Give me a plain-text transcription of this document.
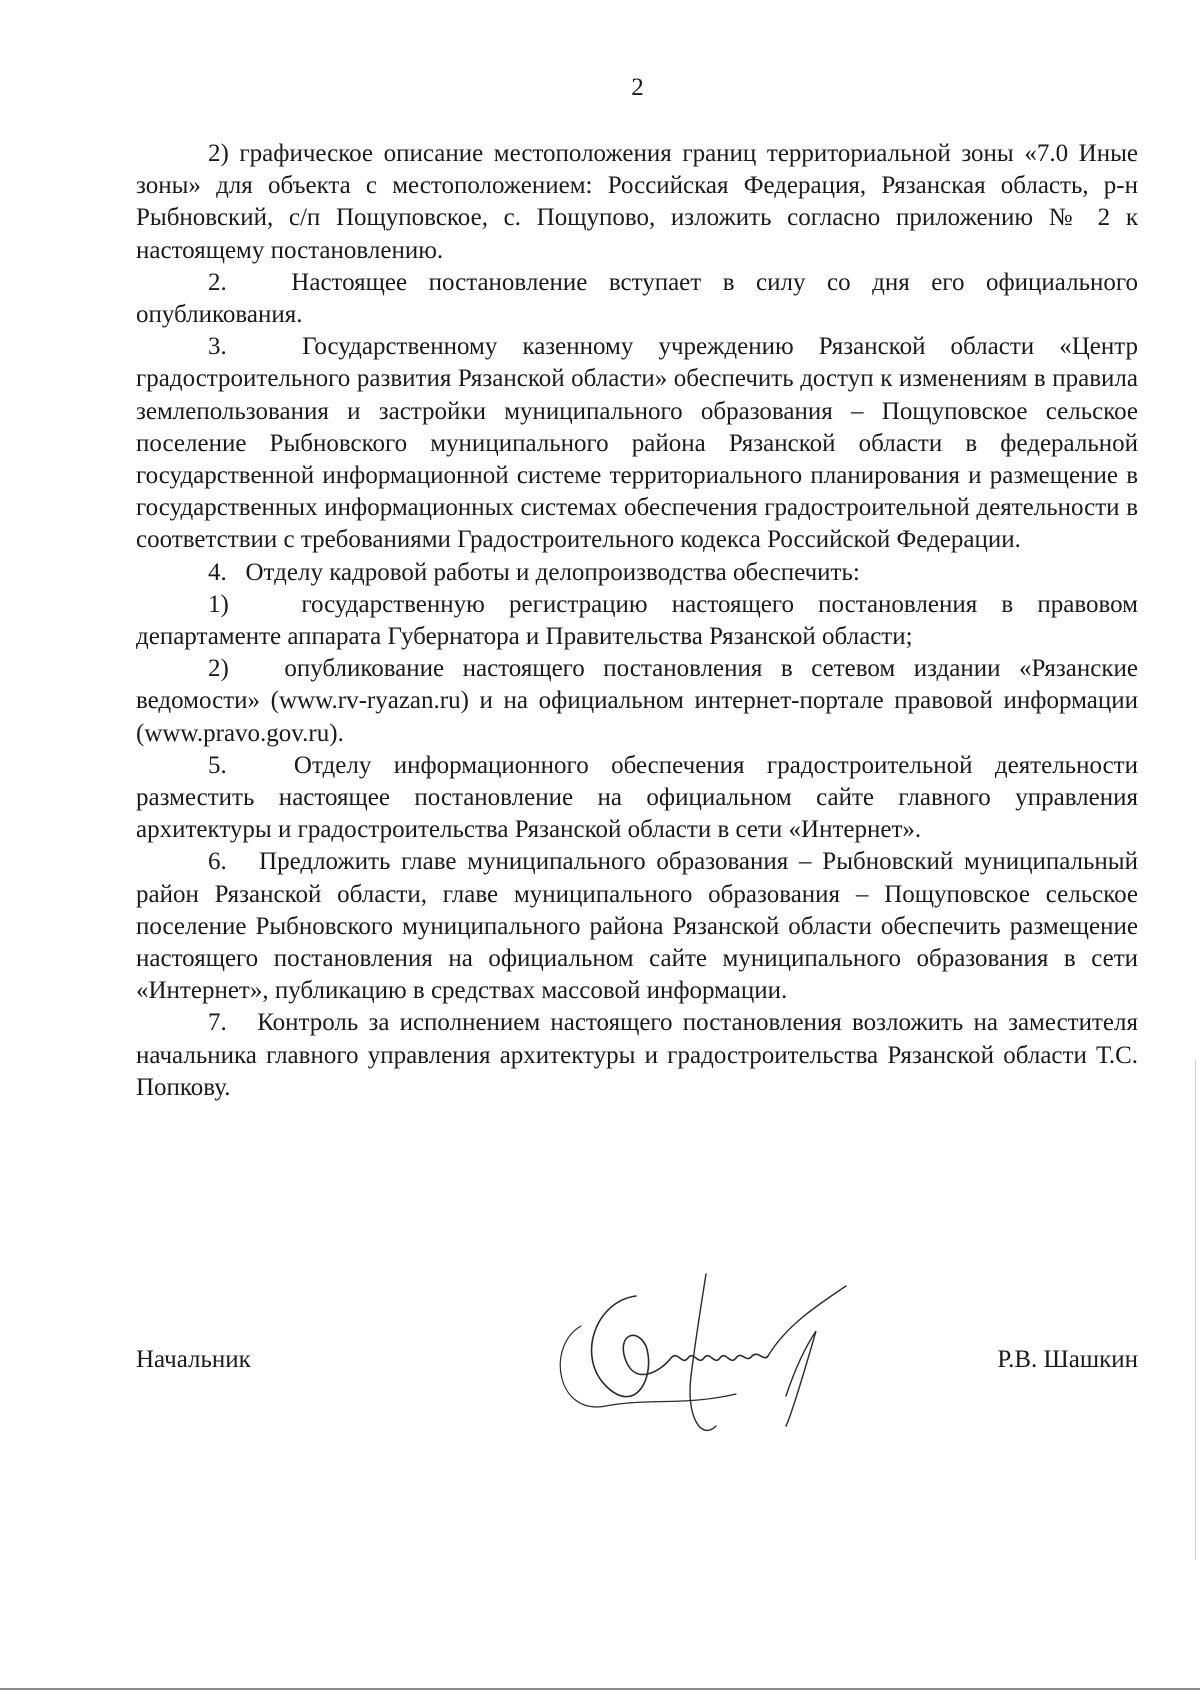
2

2) графическое описание местоположения границ территориальной зоны «7.0 Иные зоны» для объекта с местоположением: Российская Федерация, Рязанская область, р-н Рыбновский, с/п Пощуповское, с. Пощупово, изложить согласно приложению № 2 к настоящему постановлению.

2.   Настоящее постановление вступает в силу со дня его официального опубликования.

3.   Государственному казенному учреждению Рязанской области «Центр градостроительного развития Рязанской области» обеспечить доступ к изменениям в правила землепользования и застройки муниципального образования – Пощуповское сельское поселение Рыбновского муниципального района Рязанской области в федеральной государственной информационной системе территориального планирования и размещение в государственных информационных системах обеспечения градостроительной деятельности в соответствии с требованиями Градостроительного кодекса Российской Федерации.

4.   Отделу кадровой работы и делопроизводства обеспечить:

1)   государственную регистрацию настоящего постановления в правовом департаменте аппарата Губернатора и Правительства Рязанской области;

2)   опубликование настоящего постановления в сетевом издании «Рязанские ведомости» (www.rv-ryazan.ru) и на официальном интернет-портале правовой информации (www.pravo.gov.ru).

5.   Отделу информационного обеспечения градостроительной деятельности разместить настоящее постановление на официальном сайте главного управления архитектуры и градостроительства Рязанской области в сети «Интернет».

6.   Предложить главе муниципального образования – Рыбновский муниципальный район Рязанской области, главе муниципального образования – Пощуповское сельское поселение Рыбновского муниципального района Рязанской области обеспечить размещение настоящего постановления на официальном сайте муниципального образования в сети «Интернет», публикацию в средствах массовой информации.

7.   Контроль за исполнением настоящего постановления возложить на заместителя начальника главного управления архитектуры и градостроительства Рязанской области Т.С. Попкову.

Начальник	Р.В. Шашкин
